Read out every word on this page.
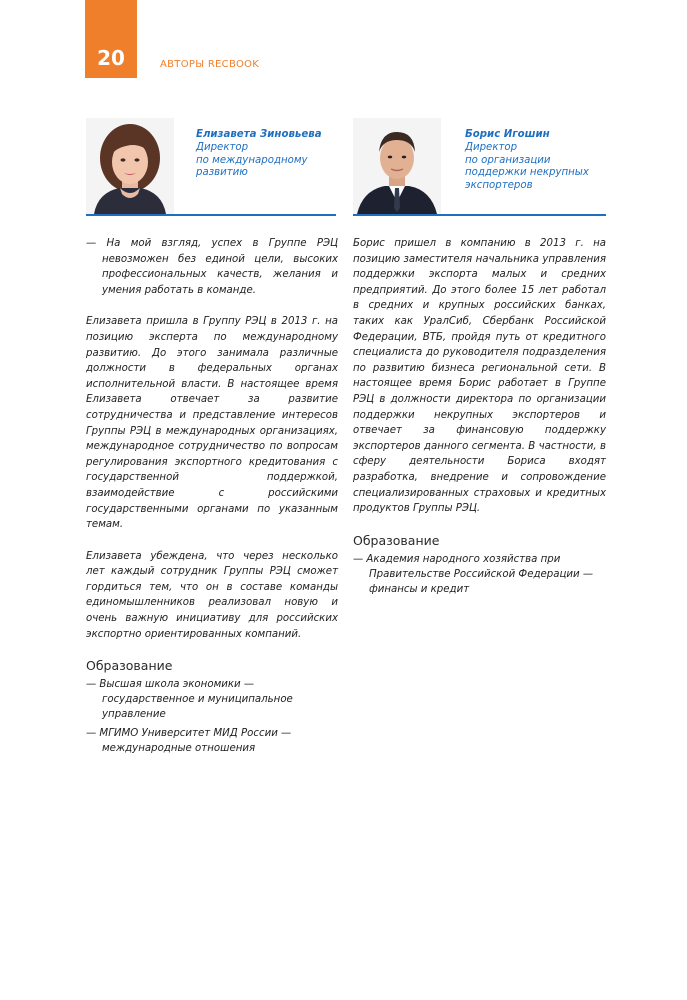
20	АВТОРЫ RECBOOK
Елизавета Зиновьева
Директор
по международному
развитию
Борис Игошин
Директор
по организации
поддержки некрупных
экспортеров

— На мой взгляд, успех в Группе РЭЦ невозможен без единой цели, высоких профессиональных качеств, желания и умения работать в команде.

Елизавета пришла в Группу РЭЦ в 2013 г. на позицию эксперта по международному развитию. До этого занимала различные должности в федеральных органах исполнительной власти. В настоящее время Елизавета отвечает за развитие сотрудничества и представление интересов Группы РЭЦ в международных организациях, международное сотрудничество по вопросам регулирования экспортного кредитования с государственной поддержкой, взаимодействие с российскими государственными органами по указанным темам.

Елизавета убеждена, что через несколько лет каждый сотрудник Группы РЭЦ сможет гордиться тем, что он в составе команды единомышленников реализовал новую и очень важную инициативу для российских экспортно ориентированных компаний.

Образование
— Высшая школа экономики — государственное и муниципальное управление
— МГИМО Университет МИД России — международные отношения

Борис пришел в компанию в 2013 г. на позицию заместителя начальника управления поддержки экспорта малых и средних предприятий. До этого более 15 лет работал в средних и крупных российских банках, таких как УралСиб, Сбербанк Российской Федерации, ВТБ, пройдя путь от кредитного специалиста до руководителя подразделения по развитию бизнеса региональной сети. В настоящее время Борис работает в Группе РЭЦ в должности директора по организации поддержки некрупных экспортеров и отвечает за финансовую поддержку экспортеров данного сегмента. В частности, в сферу деятельности Бориса входят разработка, внедрение и сопровождение специализированных страховых и кредитных продуктов Группы РЭЦ.

Образование
— Академия народного хозяйства при Правительстве Российской Федерации — финансы и кредит
